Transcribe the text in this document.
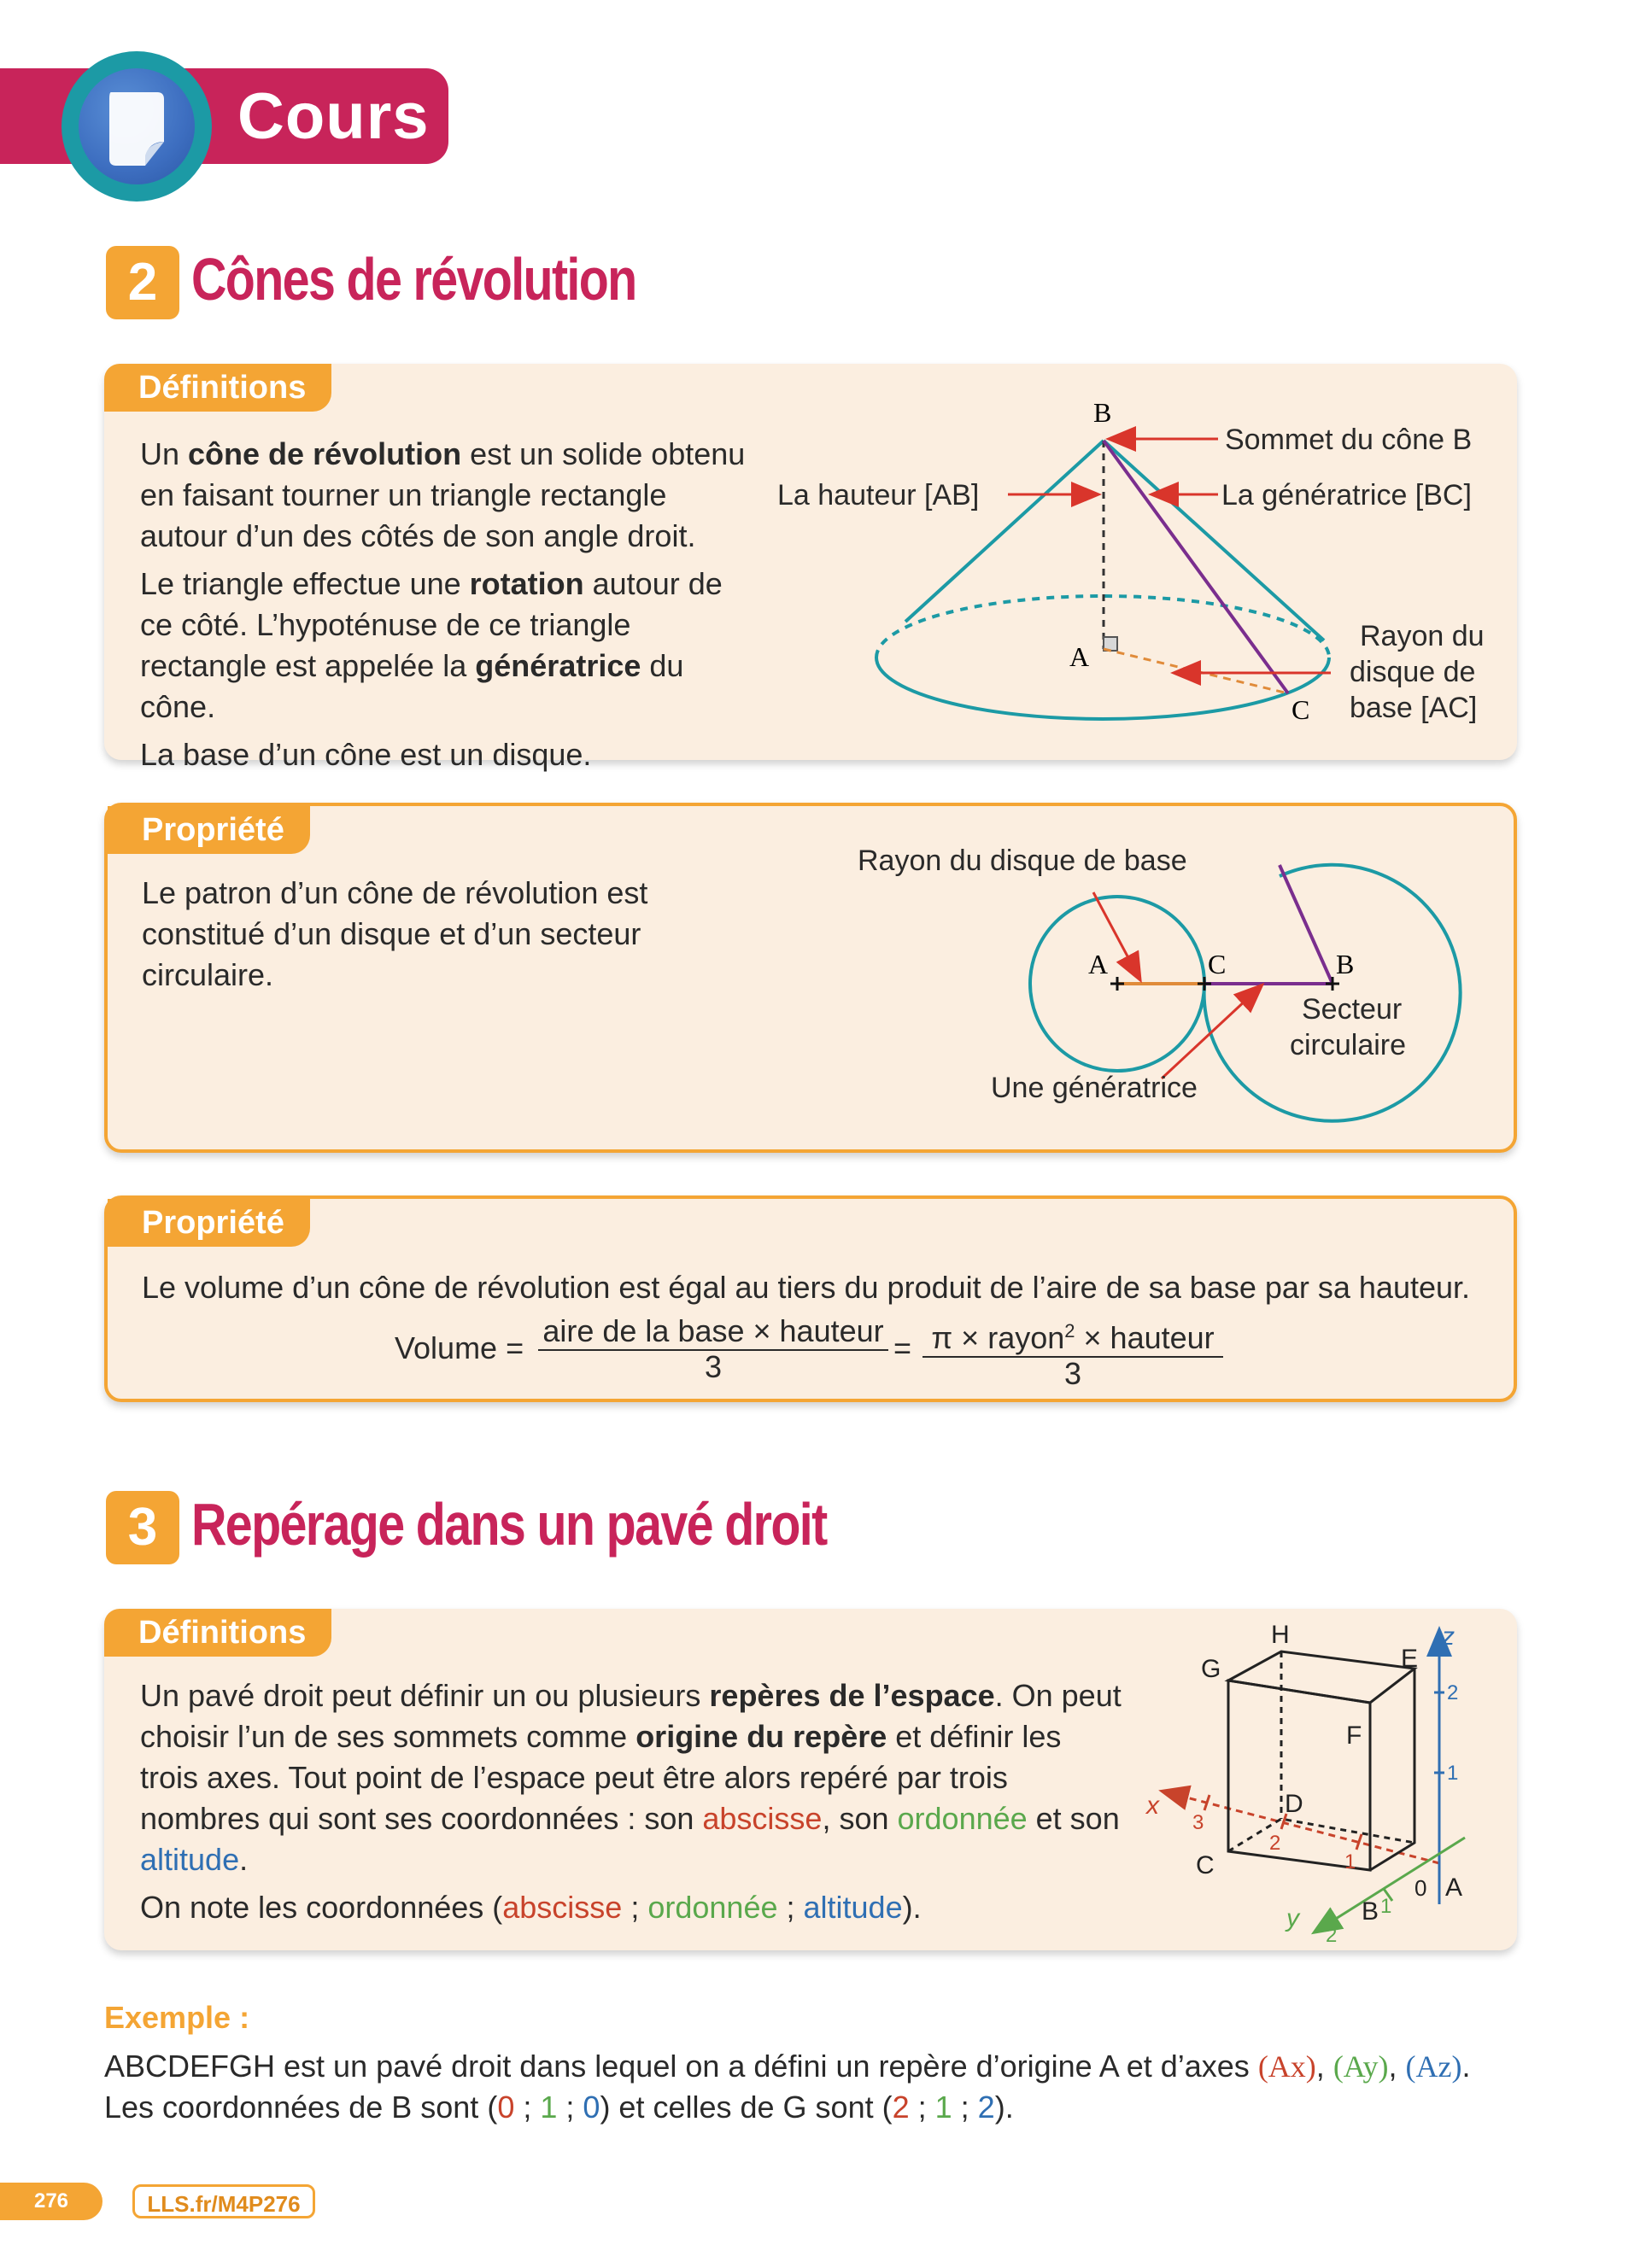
Cours
2 Cônes de révolution
Définitions

Un cône de révolution est un solide obtenu en faisant tourner un triangle rectangle autour d’un des côtés de son angle droit.

Le triangle effectue une rotation autour de ce côté. L’hypoténuse de ce triangle rectangle est appelée la génératrice du cône.

La base d’un cône est un disque.

B
A
C
Sommet du cône B
La hauteur [AB]	La génératrice [BC]
Rayon du
disque de
base [AC]
Propriété
Le patron d’un cône de révolution est constitué d’un disque et d’un secteur circulaire.
Rayon du disque de base
A	C	B
Secteur
circulaire
Une génératrice
Propriété
Le volume d’un cône de révolution est égal au tiers du produit de l’aire de sa base par sa hauteur.
Volume = aire de la base × hauteur
3
= π × rayon$^2$ × hauteur
3
3 Repérage dans un pavé droit
Définitions

Un pavé droit peut définir un ou plusieurs repères de l’espace. On peut choisir l’un de ses sommets comme origine du repère et définir les trois axes. Tout point de l’espace peut être alors repéré par trois nombres qui sont ses coordonnées : son abscisse, son ordonnée et son altitude.

On note les coordonnées (abscisse ; ordonnée ; altitude).

H
G	E
F
D
C
B
A
0
z
x
y
2
1
1
2
3
1
2
Exemple :

ABCDEFGH est un pavé droit dans lequel on a défini un repère d’origine A et d’axes (Ax), (Ay), (Az).

Les coordonnées de B sont (0 ; 1 ; 0) et celles de G sont (2 ; 1 ; 2).

276	LLS.fr/M4P276
